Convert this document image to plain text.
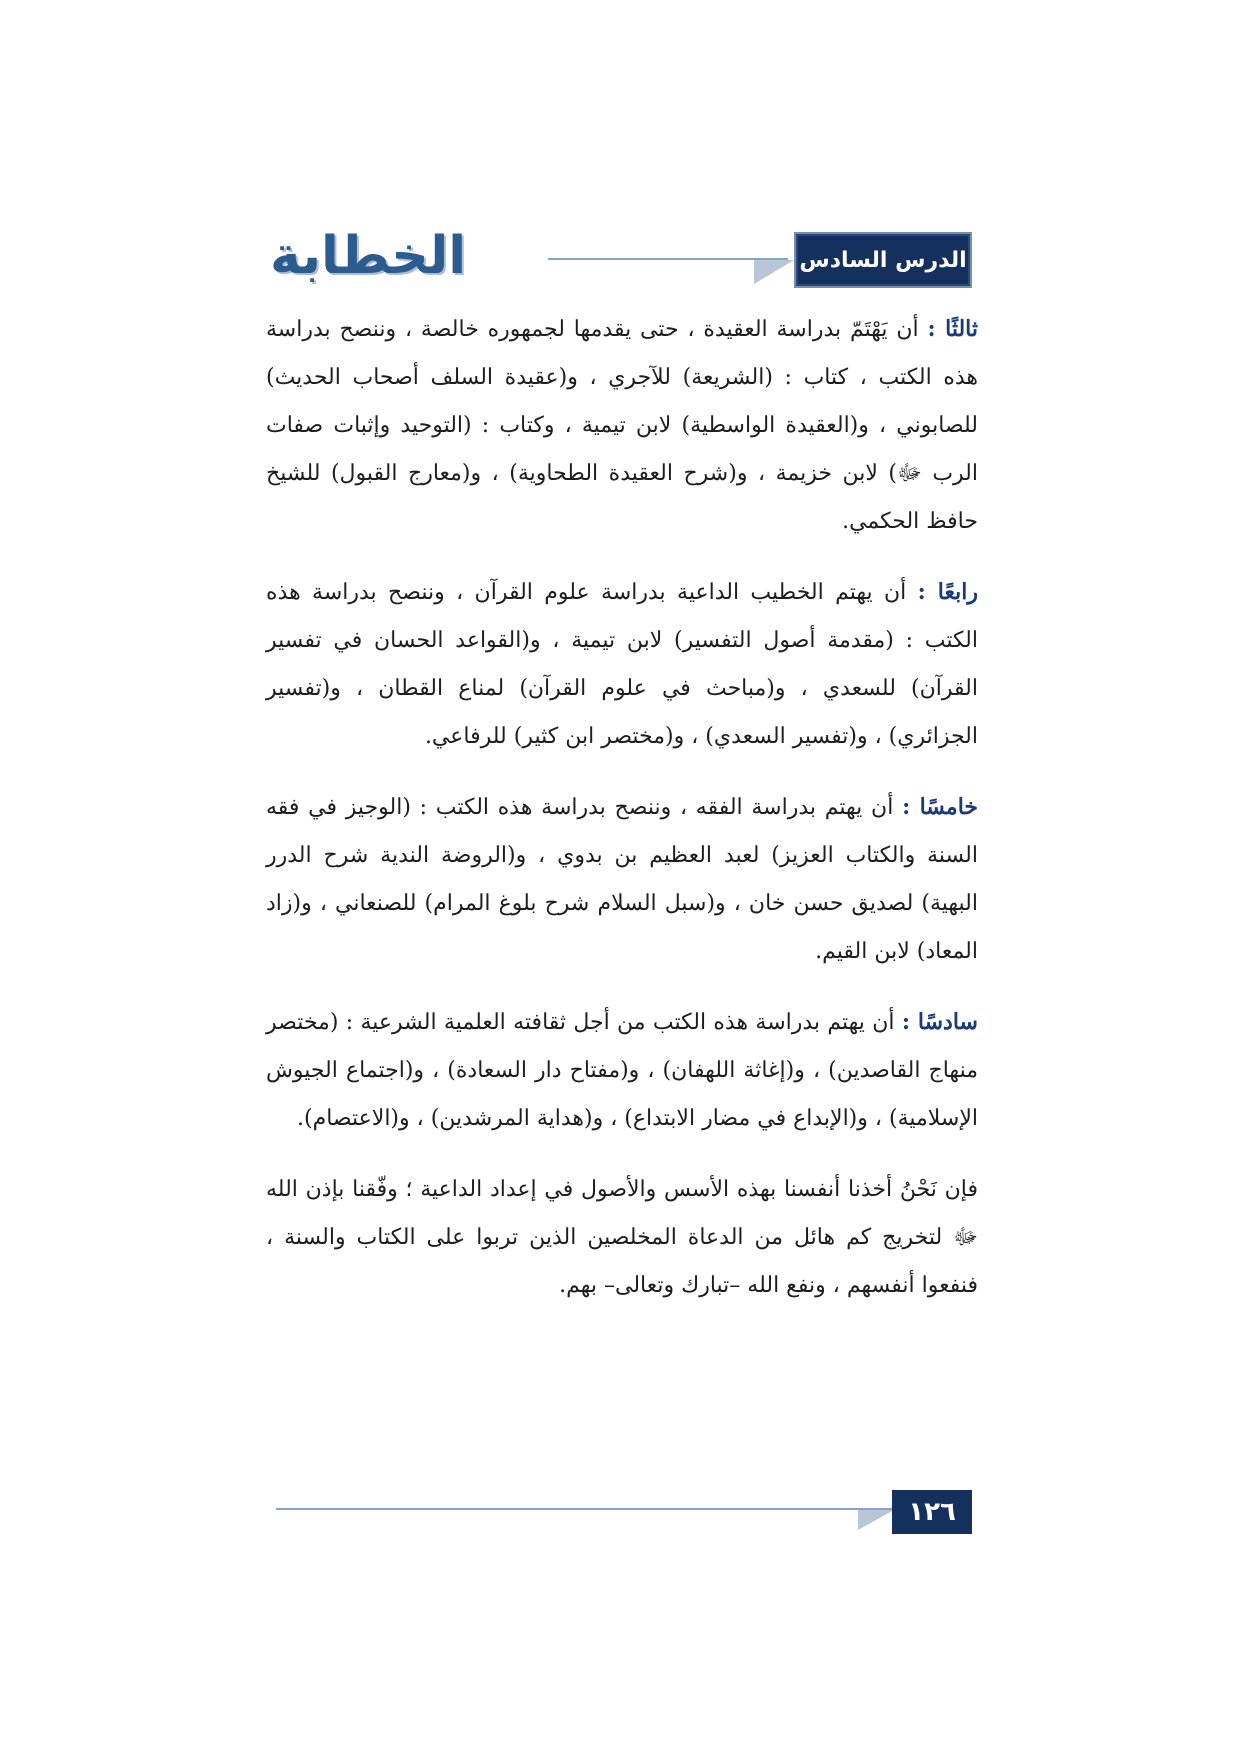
الدرس السادس
الخطابة

ثالثًا : أن يَهْتَمّ بدراسة العقيدة ، حتى يقدمها لجمهوره خالصة ، وننصح بدراسة هذه الكتب ، كتاب : (الشريعة) للآجري ، و(عقيدة السلف أصحاب الحديث) للصابوني ، و(العقيدة الواسطية) لابن تيمية ، وكتاب : (التوحيد وإثبات صفات الرب ﷻ) لابن خزيمة ، و(شرح العقيدة الطحاوية) ، و(معارج القبول) للشيخ حافظ الحكمي.

رابعًا : أن يهتم الخطيب الداعية بدراسة علوم القرآن ، وننصح بدراسة هذه الكتب : (مقدمة أصول التفسير) لابن تيمية ، و(القواعد الحسان في تفسير القرآن) للسعدي ، و(مباحث في علوم القرآن) لمناع القطان ، و(تفسير الجزائري) ، و(تفسير السعدي) ، و(مختصر ابن كثير) للرفاعي.

خامسًا : أن يهتم بدراسة الفقه ، وننصح بدراسة هذه الكتب : (الوجيز في فقه السنة والكتاب العزيز) لعبد العظيم بن بدوي ، و(الروضة الندية شرح الدرر البهية) لصديق حسن خان ، و(سبل السلام شرح بلوغ المرام) للصنعاني ، و(زاد المعاد) لابن القيم.

سادسًا : أن يهتم بدراسة هذه الكتب من أجل ثقافته العلمية الشرعية : (مختصر منهاج القاصدين) ، و(إغاثة اللهفان) ، و(مفتاح دار السعادة) ، و(اجتماع الجيوش الإسلامية) ، و(الإبداع في مضار الابتداع) ، و(هداية المرشدين) ، و(الاعتصام).

فإن نَحْنُ أخذنا أنفسنا بهذه الأسس والأصول في إعداد الداعية ؛ وفّقنا بإذن الله ﷻ لتخريج كم هائل من الدعاة المخلصين الذين تربوا على الكتاب والسنة ، فنفعوا أنفسهم ، ونفع الله –تبارك وتعالى– بهم.

١٢٦
